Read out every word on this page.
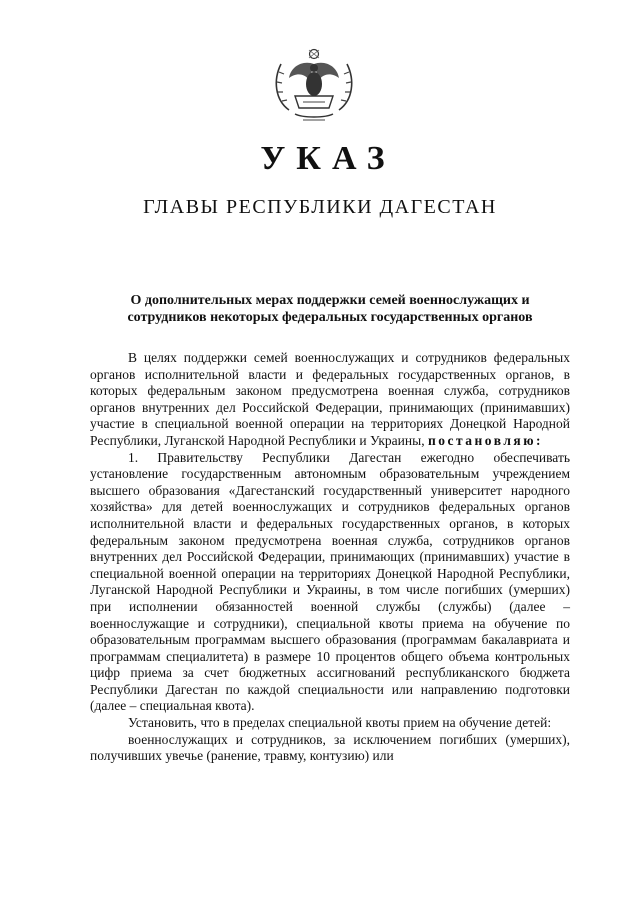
УКАЗ
ГЛАВЫ РЕСПУБЛИКИ ДАГЕСТАН
О дополнительных мерах поддержки семей военнослужащих и
сотрудников некоторых федеральных государственных органов

В целях поддержки семей военнослужащих и сотрудников федеральных органов исполнительной власти и федеральных государственных органов, в которых федеральным законом предусмотрена военная служба, сотрудников органов внутренних дел Российской Федерации, принимающих (принимавших) участие в специальной военной операции на территориях Донецкой Народной Республики, Луганской Народной Республики и Украины, постановляю:

1. Правительству Республики Дагестан ежегодно обеспечивать установление государственным автономным образовательным учреждением высшего образования «Дагестанский государственный университет народного хозяйства» для детей военнослужащих и сотрудников федеральных органов исполнительной власти и федеральных государственных органов, в которых федеральным законом предусмотрена военная служба, сотрудников органов внутренних дел Российской Федерации, принимающих (принимавших) участие в специальной военной операции на территориях Донецкой Народной Республики, Луганской Народной Республики и Украины, в том числе погибших (умерших) при исполнении обязанностей военной службы (службы) (далее – военнослужащие и сотрудники), специальной квоты приема на обучение по образовательным программам высшего образования (программам бакалавриата и программам специалитета) в размере 10 процентов общего объема контрольных цифр приема за счет бюджетных ассигнований республиканского бюджета Республики Дагестан по каждой специальности или направлению подготовки (далее – специальная квота).

Установить, что в пределах специальной квоты прием на обучение детей:

военнослужащих и сотрудников, за исключением погибших (умерших), получивших увечье (ранение, травму, контузию) или
